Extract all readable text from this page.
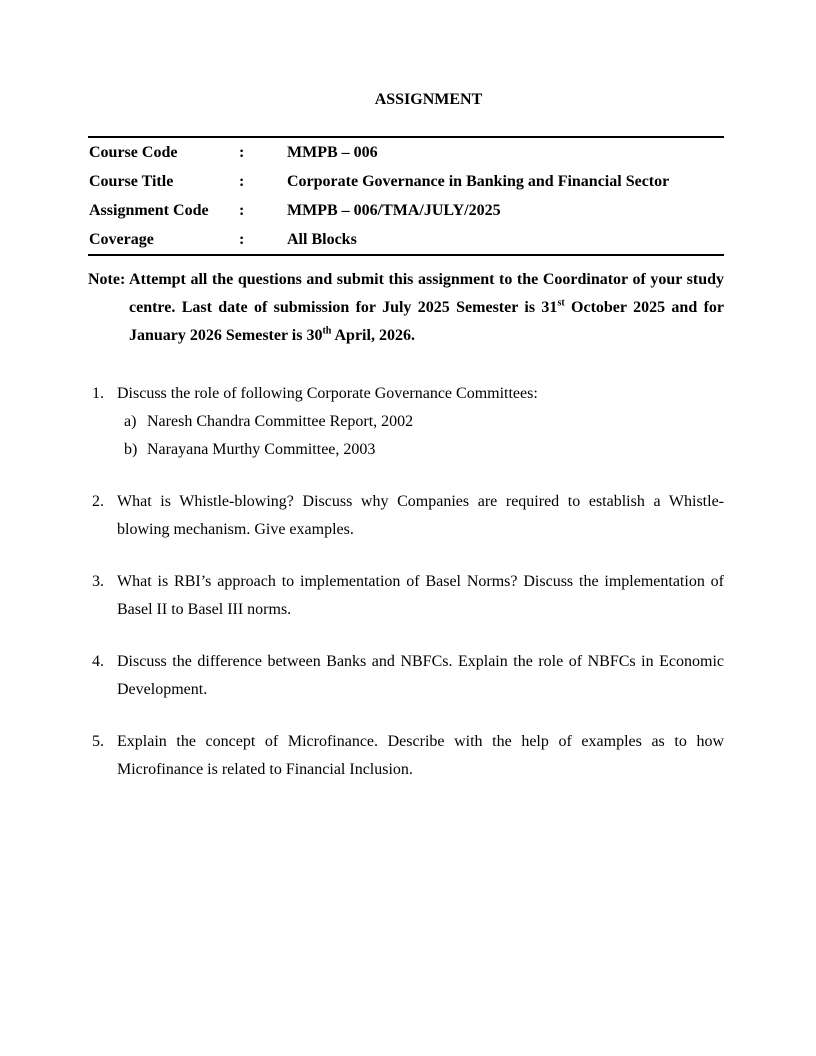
ASSIGNMENT
Course Code	:	MMPB – 006
Course Title	:	Corporate Governance in Banking and Financial Sector
Assignment Code	:	MMPB – 006/TMA/JULY/2025
Coverage	:	All Blocks

Note: Attempt all the questions and submit this assignment to the Coordinator of your study centre. Last date of submission for July 2025 Semester is 31st October 2025 and for January 2026 Semester is 30th April, 2026.

1. Discuss the role of following Corporate Governance Committees:
a) Naresh Chandra Committee Report, 2002
b) Narayana Murthy Committee, 2003
2. What is Whistle-blowing? Discuss why Companies are required to establish a Whistle-blowing mechanism. Give examples.
3. What is RBI’s approach to implementation of Basel Norms? Discuss the implementation of Basel II to Basel III norms.
4. Discuss the difference between Banks and NBFCs. Explain the role of NBFCs in Economic Development.
5. Explain the concept of Microfinance. Describe with the help of examples as to how Microfinance is related to Financial Inclusion.
